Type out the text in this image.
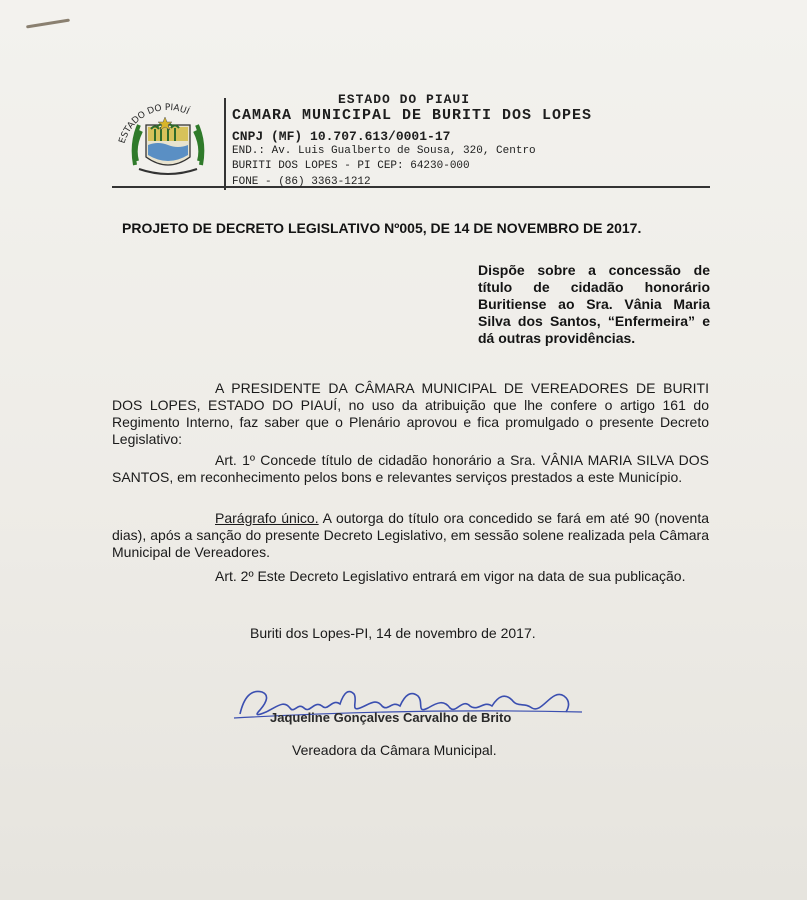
ESTADO DO PIAUÍ
ESTADO DO PIAUI
CAMARA MUNICIPAL DE BURITI DOS LOPES
CNPJ (MF) 10.707.613/0001-17
END.: Av. Luis Gualberto de Sousa, 320, Centro
BURITI DOS LOPES - PI CEP: 64230-000
FONE - (86) 3363-1212
PROJETO DE DECRETO LEGISLATIVO Nº005, DE 14 DE NOVEMBRO DE 2017.
Dispõe sobre a concessão de título de cidadão honorário Buritiense ao Sra. Vânia Maria Silva dos Santos, “Enfermeira” e dá outras providências.
A PRESIDENTE DA CÂMARA MUNICIPAL DE VEREADORES DE BURITI DOS LOPES, ESTADO DO PIAUÍ, no uso da atribuição que lhe confere o artigo 161 do Regimento Interno, faz saber que o Plenário aprovou e fica promulgado o presente Decreto Legislativo:
Art. 1º Concede título de cidadão honorário a Sra. VÂNIA MARIA SILVA DOS SANTOS, em reconhecimento pelos bons e relevantes serviços prestados a este Município.
Parágrafo único. A outorga do título ora concedido se fará em até 90 (noventa dias), após a sanção do presente Decreto Legislativo, em sessão solene realizada pela Câmara Municipal de Vereadores.
Art. 2º Este Decreto Legislativo entrará em vigor na data de sua publicação.
Buriti dos Lopes-PI, 14 de novembro de 2017.
Jaqueline Gonçalves Carvalho de Brito
Vereadora da Câmara Municipal.
